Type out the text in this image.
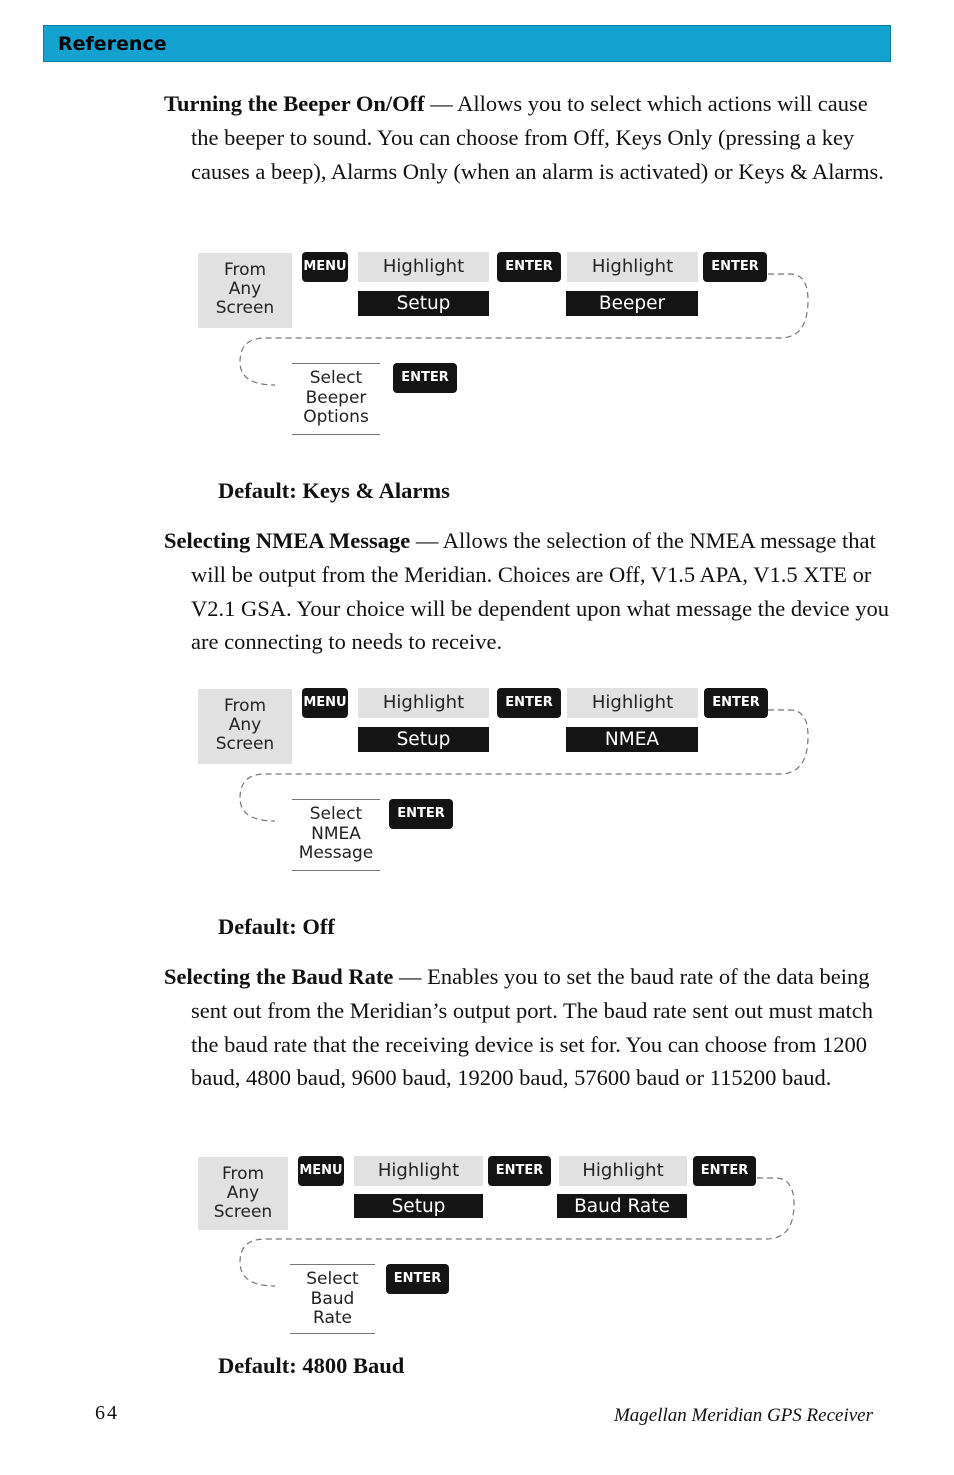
Reference

Turning the Beeper On/Off — Allows you to select which actions will cause the beeper to sound. You can choose from Off, Keys Only (pressing a key causes a beep), Alarms Only (when an alarm is activated) or Keys & Alarms.

From
Any
Screen
MENU	Highlight
Setup
ENTER	Highlight
Beeper
ENTER
Select
Beeper
Options
ENTER
Default: Keys & Alarms

Selecting NMEA Message — Allows the selection of the NMEA message that will be output from the Meridian. Choices are Off, V1.5 APA, V1.5 XTE or V2.1 GSA. Your choice will be dependent upon what message the device you are connecting to needs to receive.

From
Any
Screen
MENU	Highlight
Setup
ENTER	Highlight
NMEA
ENTER
Select
NMEA
Message
ENTER
Default: Off

Selecting the Baud Rate — Enables you to set the baud rate of the data being sent out from the Meridian’s output port. The baud rate sent out must match the baud rate that the receiving device is set for. You can choose from 1200 baud, 4800 baud, 9600 baud, 19200 baud, 57600 baud or 115200 baud.

From
Any
Screen
MENU	Highlight
Setup
ENTER	Highlight
Baud Rate
ENTER
Select
Baud
Rate
ENTER
Default: 4800 Baud
64	Magellan Meridian GPS Receiver
